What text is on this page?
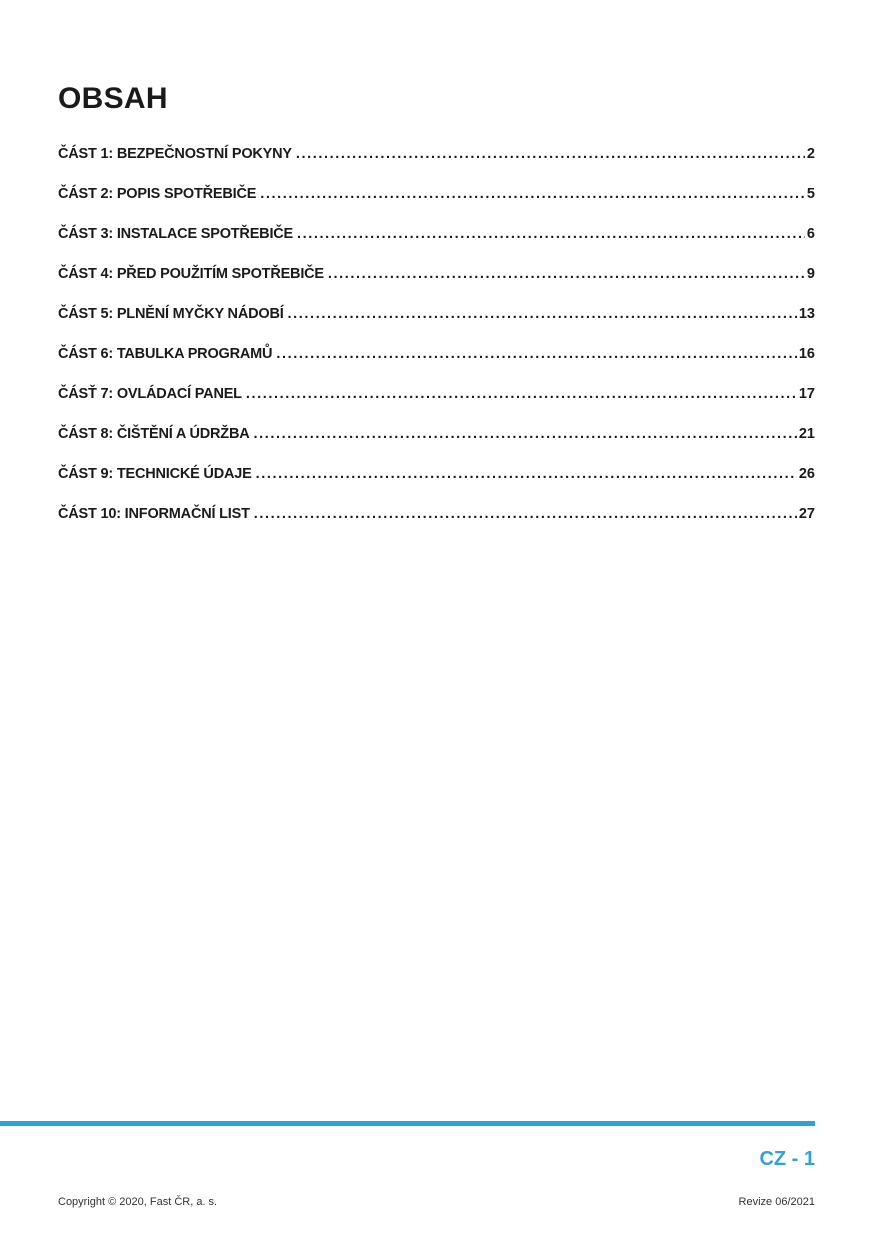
OBSAH
ČÁST 1: BEZPEČNOSTNÍ POKYNY .....	2
ČÁST 2: POPIS SPOTŘEBIČE .....	5
ČÁST 3: INSTALACE SPOTŘEBIČE .....	6
ČÁST 4: PŘED POUŽITÍM SPOTŘEBIČE .....	9
ČÁST 5: PLNĚNÍ MYČKY NÁDOBÍ .....	13
ČÁST 6: TABULKA PROGRAMŮ .....	16
ČÁSŤ 7: OVLÁDACÍ PANEL .....	17
ČÁST 8: ČIŠTĚNÍ A ÚDRŽBA .....	21
ČÁST 9: TECHNICKÉ ÚDAJE .....	26
ČÁST 10: INFORMAČNÍ LIST .....	27
CZ - 1
Copyright © 2020, Fast ČR, a. s.	Revize 06/2021
